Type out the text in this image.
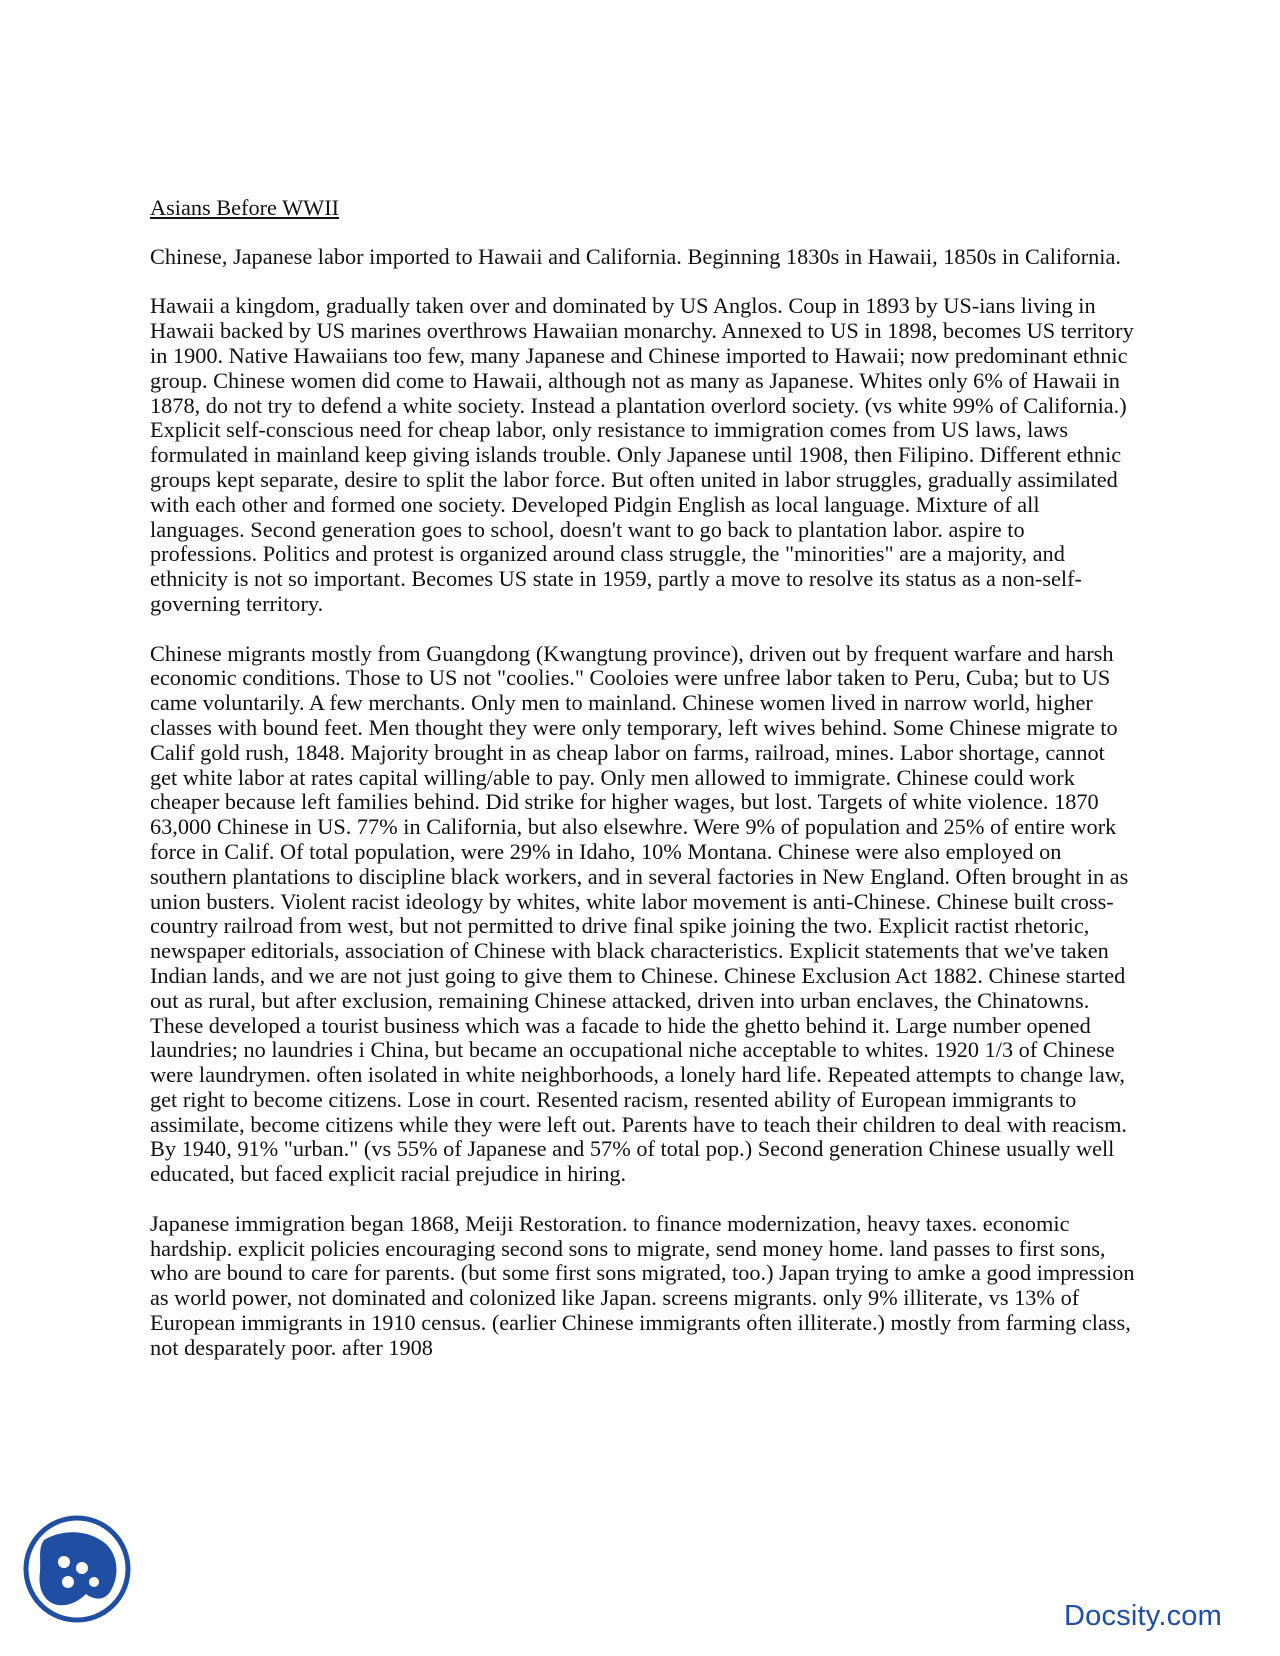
Asians Before WWII

Chinese, Japanese labor imported to Hawaii and California. Beginning 1830s in Hawaii, 1850s in California.

Hawaii a kingdom, gradually taken over and dominated by US Anglos. Coup in 1893 by US-ians living in Hawaii backed by US marines overthrows Hawaiian monarchy. Annexed to US in 1898, becomes US territory in 1900. Native Hawaiians too few, many Japanese and Chinese imported to Hawaii; now predominant ethnic group. Chinese women did come to Hawaii, although not as many as Japanese. Whites only 6% of Hawaii in 1878, do not try to defend a white society. Instead a plantation overlord society. (vs white 99% of California.) Explicit self-conscious need for cheap labor, only resistance to immigration comes from US laws, laws formulated in mainland keep giving islands trouble. Only Japanese until 1908, then Filipino. Different ethnic groups kept separate, desire to split the labor force. But often united in labor struggles, gradually assimilated with each other and formed one society. Developed Pidgin English as local language. Mixture of all languages. Second generation goes to school, doesn't want to go back to plantation labor. aspire to professions. Politics and protest is organized around class struggle, the "minorities" are a majority, and ethnicity is not so important. Becomes US state in 1959, partly a move to resolve its status as a non-self-governing territory.

Chinese migrants mostly from Guangdong (Kwangtung province), driven out by frequent warfare and harsh economic conditions. Those to US not "coolies." Cooloies were unfree labor taken to Peru, Cuba; but to US came voluntarily. A few merchants. Only men to mainland. Chinese women lived in narrow world, higher classes with bound feet. Men thought they were only temporary, left wives behind. Some Chinese migrate to Calif gold rush, 1848. Majority brought in as cheap labor on farms, railroad, mines. Labor shortage, cannot get white labor at rates capital willing/able to pay. Only men allowed to immigrate. Chinese could work cheaper because left families behind. Did strike for higher wages, but lost. Targets of white violence. 1870 63,000 Chinese in US. 77% in California, but also elsewhre. Were 9% of population and 25% of entire work force in Calif. Of total population, were 29% in Idaho, 10% Montana. Chinese were also employed on southern plantations to discipline black workers, and in several factories in New England. Often brought in as union busters. Violent racist ideology by whites, white labor movement is anti-Chinese. Chinese built cross-country railroad from west, but not permitted to drive final spike joining the two. Explicit ractist rhetoric, newspaper editorials, association of Chinese with black characteristics. Explicit statements that we've taken Indian lands, and we are not just going to give them to Chinese. Chinese Exclusion Act 1882. Chinese started out as rural, but after exclusion, remaining Chinese attacked, driven into urban enclaves, the Chinatowns. These developed a tourist business which was a facade to hide the ghetto behind it. Large number opened laundries; no laundries i China, but became an occupational niche acceptable to whites. 1920 1/3 of Chinese were laundrymen. often isolated in white neighborhoods, a lonely hard life. Repeated attempts to change law, get right to become citizens. Lose in court. Resented racism, resented ability of European immigrants to assimilate, become citizens while they were left out. Parents have to teach their children to deal with reacism. By 1940, 91% "urban." (vs 55% of Japanese and 57% of total pop.) Second generation Chinese usually well educated, but faced explicit racial prejudice in hiring.

Japanese immigration began 1868, Meiji Restoration. to finance modernization, heavy taxes. economic hardship. explicit policies encouraging second sons to migrate, send money home. land passes to first sons, who are bound to care for parents. (but some first sons migrated, too.) Japan trying to amke a good impression as world power, not dominated and colonized like Japan. screens migrants. only 9% illiterate, vs 13% of European immigrants in 1910 census. (earlier Chinese immigrants often illiterate.) mostly from farming class, not desparately poor. after 1908

Docsity.com
